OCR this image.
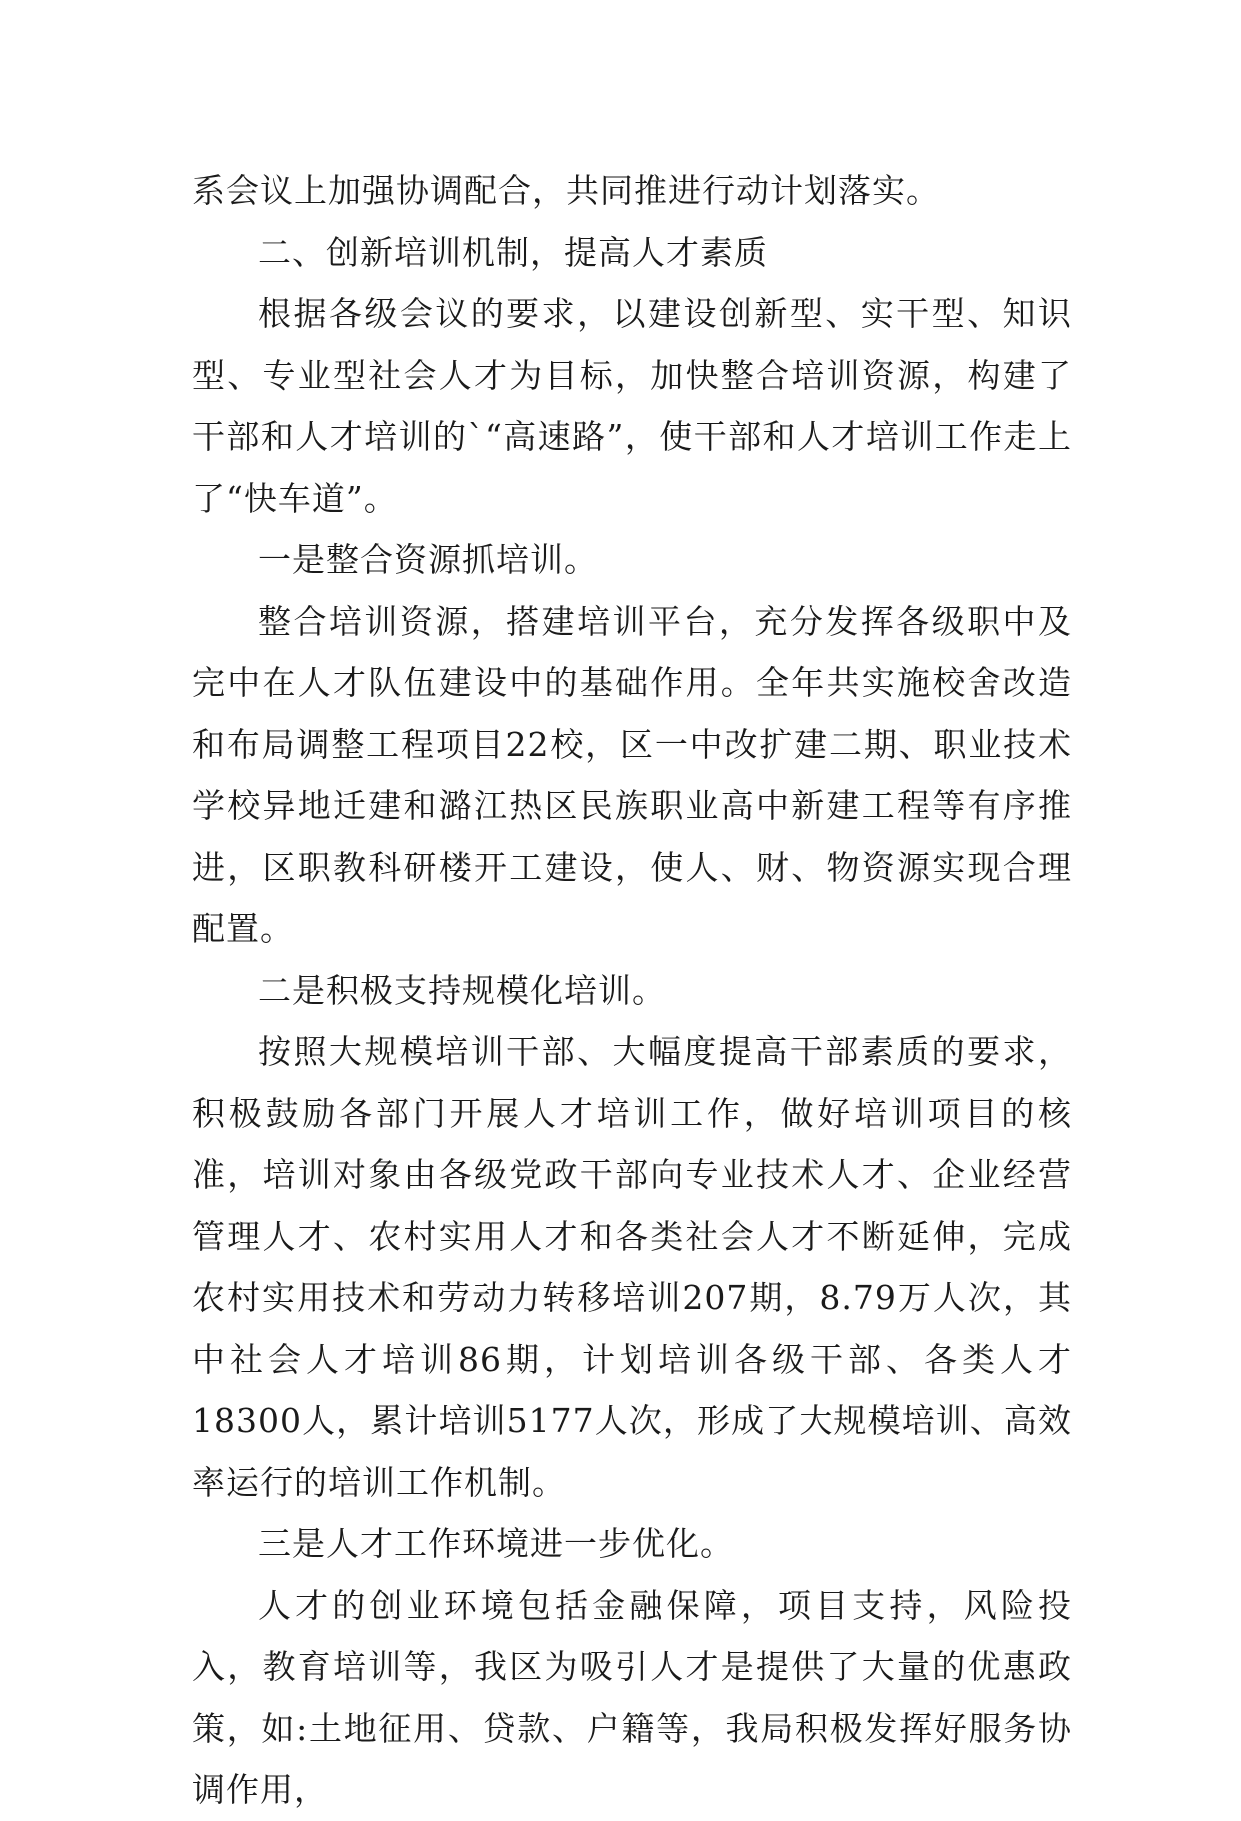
系会议上加强协调配合，共同推进行动计划落实。

二、创新培训机制，提高人才素质

根据各级会议的要求，以建设创新型、实干型、知识型、专业型社会人才为目标，加快整合培训资源，构建了干部和人才培训的`“高速路”，使干部和人才培训工作走上了“快车道”。

一是整合资源抓培训。

整合培训资源，搭建培训平台，充分发挥各级职中及完中在人才队伍建设中的基础作用。全年共实施校舍改造和布局调整工程项目22校，区一中改扩建二期、职业技术学校异地迁建和潞江热区民族职业高中新建工程等有序推进，区职教科研楼开工建设，使人、财、物资源实现合理配置。

二是积极支持规模化培训。

按照大规模培训干部、大幅度提高干部素质的要求，积极鼓励各部门开展人才培训工作，做好培训项目的核准，培训对象由各级党政干部向专业技术人才、企业经营管理人才、农村实用人才和各类社会人才不断延伸，完成农村实用技术和劳动力转移培训207期，8.79万人次，其中社会人才培训86期，计划培训各级干部、各类人才18300人，累计培训5177人次，形成了大规模培训、高效率运行的培训工作机制。

三是人才工作环境进一步优化。

人才的创业环境包括金融保障，项目支持，风险投入，教育培训等，我区为吸引人才是提供了大量的优惠政策，如:土地征用、贷款、户籍等，我局积极发挥好服务协调作用，
